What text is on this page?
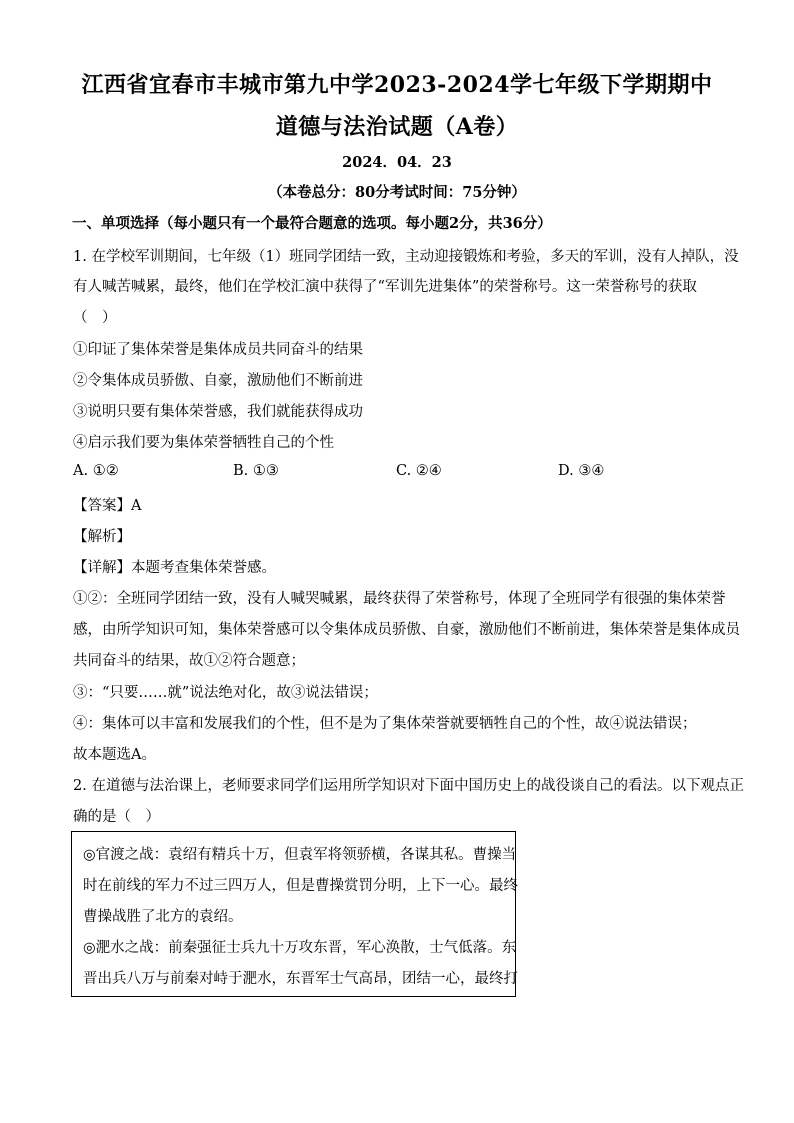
江西省宜春市丰城市第九中学2023-2024学七年级下学期期中
道德与法治试题（A卷）
2024．04．23
（本卷总分：80分考试时间：75分钟）
一、单项选择（每小题只有一个最符合题意的选项。每小题2分，共36分）
1. 在学校军训期间，七年级（1）班同学团结一致，主动迎接锻炼和考验，多天的军训，没有人掉队，没
有人喊苦喊累，最终，他们在学校汇演中获得了“军训先进集体”的荣誉称号。这一荣誉称号的获取
（　）
①印证了集体荣誉是集体成员共同奋斗的结果
②令集体成员骄傲、自豪，激励他们不断前进
③说明只要有集体荣誉感，我们就能获得成功
④启示我们要为集体荣誉牺牲自己的个性
A. ①②	B. ①③	C. ②④	D. ③④
【答案】A
【解析】
【详解】本题考查集体荣誉感。
①②：全班同学团结一致，没有人喊哭喊累，最终获得了荣誉称号，体现了全班同学有很强的集体荣誉
感，由所学知识可知，集体荣誉感可以令集体成员骄傲、自豪，激励他们不断前进，集体荣誉是集体成员
共同奋斗的结果，故①②符合题意；
③：“只要……就”说法绝对化，故③说法错误；
④：集体可以丰富和发展我们的个性，但不是为了集体荣誉就要牺牲自己的个性，故④说法错误；
故本题选A。
2. 在道德与法治课上，老师要求同学们运用所学知识对下面中国历史上的战役谈自己的看法。以下观点正
确的是（　）
◎官渡之战：袁绍有精兵十万，但袁军将领骄横，各谋其私。曹操当
时在前线的军力不过三四万人，但是曹操赏罚分明，上下一心。最终
曹操战胜了北方的袁绍。
◎淝水之战：前秦强征士兵九十万攻东晋，军心涣散，士气低落。东
晋出兵八万与前秦对峙于淝水，东晋军士气高昂，团结一心，最终打
